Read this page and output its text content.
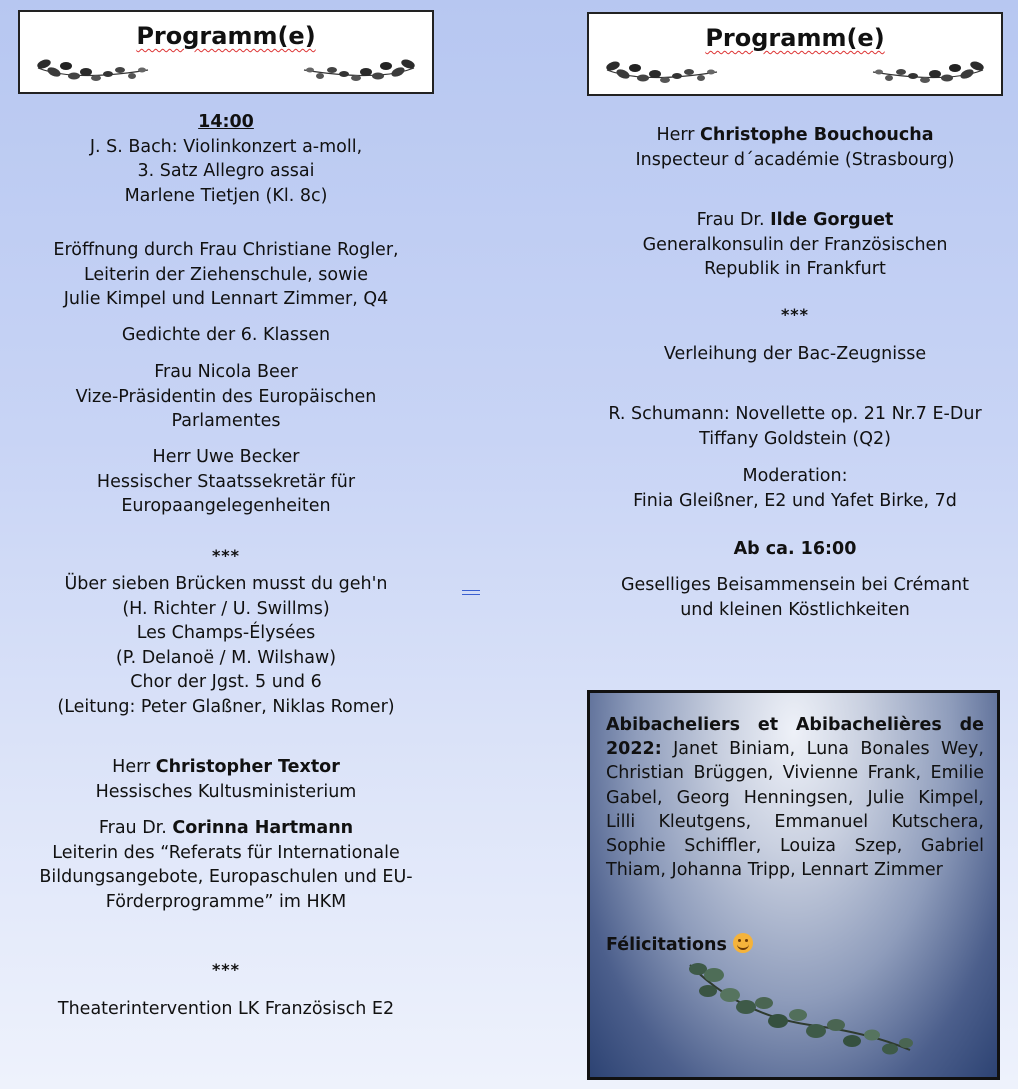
Programm(e)
14:00
J. S. Bach: Violinkonzert a-moll,
3. Satz Allegro assai
Marlene Tietjen (Kl. 8c)
Eröffnung durch Frau Christiane Rogler,
Leiterin der Ziehenschule, sowie
Julie Kimpel und Lennart Zimmer, Q4
Gedichte der 6. Klassen
Frau Nicola Beer
Vize-Präsidentin des Europäischen
Parlamentes
Herr Uwe Becker
Hessischer Staatssekretär für
Europaangelegenheiten
***
Über sieben Brücken musst du geh'n
(H. Richter / U. Swillms)
Les Champs-Élysées
(P. Delanoë / M. Wilshaw)
Chor der Jgst. 5 und 6
(Leitung: Peter Glaßner, Niklas Romer)
Herr Christopher Textor
Hessisches Kultusministerium
Frau Dr. Corinna Hartmann
Leiterin des “Referats für Internationale
Bildungsangebote, Europaschulen und EU-
Förderprogramme” im HKM
***
Theaterintervention LK Französisch E2
Programm(e)
Herr Christophe Bouchoucha
Inspecteur d´académie (Strasbourg)
Frau Dr. Ilde Gorguet
Generalkonsulin der Französischen
Republik in Frankfurt
***
Verleihung der Bac-Zeugnisse
R. Schumann: Novellette op. 21 Nr.7 E-Dur
Tiffany Goldstein (Q2)
Moderation:
Finia Gleißner, E2 und Yafet Birke, 7d
Ab ca. 16:00
Geselliges Beisammensein bei Crémant
und kleinen Köstlichkeiten
Abibacheliers et Abibachelières de 2022: Janet Biniam, Luna Bonales Wey, Christian Brüggen, Vivienne Frank, Emilie Gabel, Georg Henningsen, Julie Kimpel, Lilli Kleutgens, Emmanuel Kutschera, Sophie Schiffler, Louiza Szep, Gabriel Thiam, Johanna Tripp, Lennart Zimmer
Félicitations
